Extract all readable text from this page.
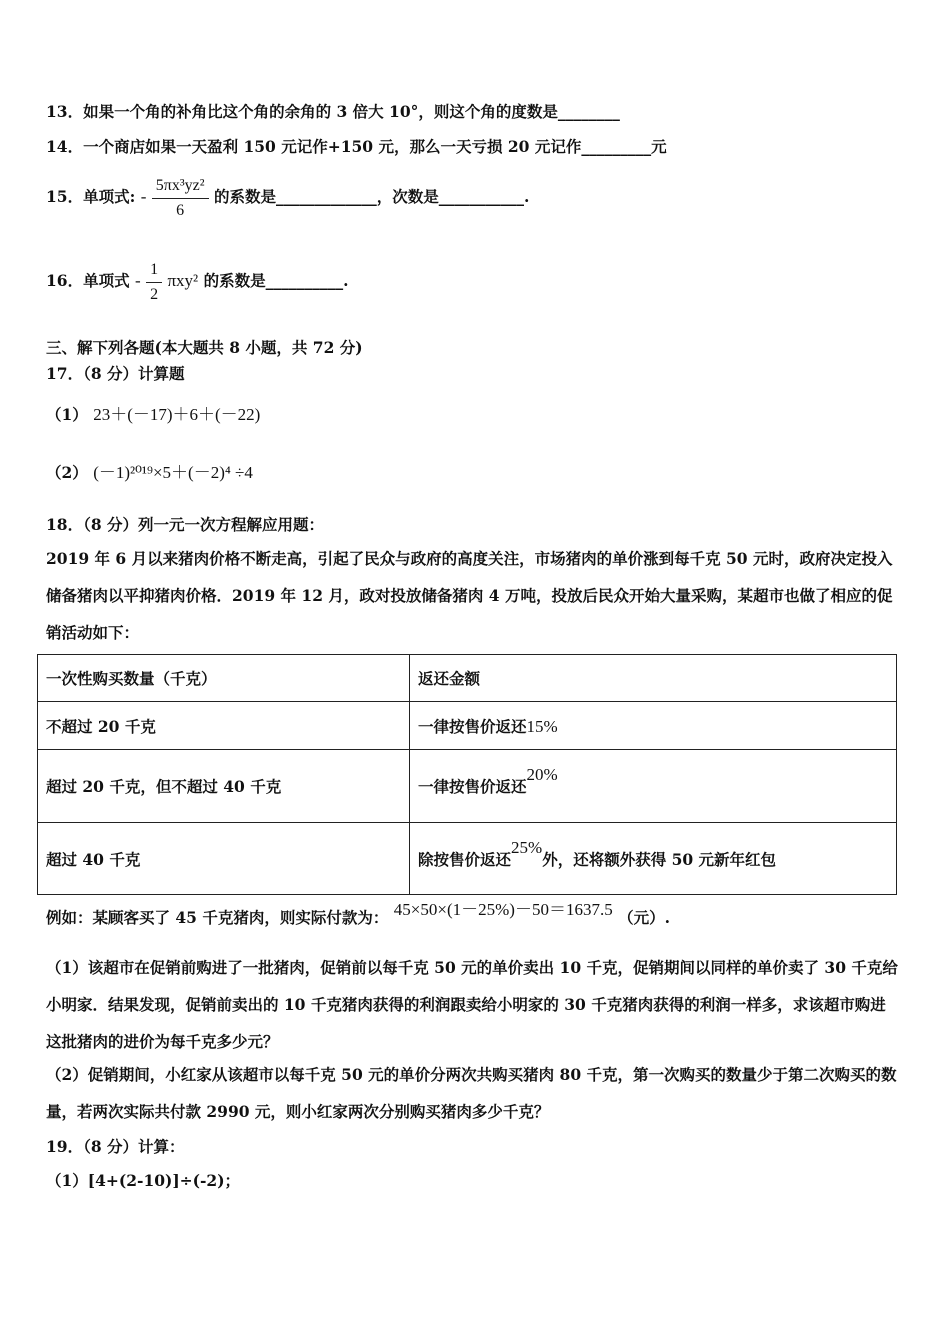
13．如果一个角的补角比这个角的余角的 3 倍大 10°，则这个角的度数是________
14．一个商店如果一天盈利 150 元记作+150 元，那么一天亏损 20 元记作_________元
15．单项式: - $\frac{\text{5πx³yz²}}{6}$ 的系数是_____________，次数是___________.
16．单项式 - $\frac{1}{2} \pi xy^2$ 的系数是__________.
三、解下列各题(本大题共 8 小题，共 72 分)
17．（8 分）计算题
（1） 23＋(－17)＋6＋(－22)
（2） (－1)²⁰¹⁹×5＋(－2)⁴ ÷4
18．（8 分）列一元一次方程解应用题：
2019 年 6 月以来猪肉价格不断走高，引起了民众与政府的高度关注，市场猪肉的单价涨到每千克 50 元时，政府决定投入储备猪肉以平抑猪肉价格．2019 年 12 月，政对投放储备猪肉 4 万吨，投放后民众开始大量采购，某超市也做了相应的促销活动如下：
一次性购买数量（千克）	返还金额
不超过 20 千克	一律按售价返还15%
超过 20 千克，但不超过 40 千克	一律按售价返还20%
超过 40 千克	除按售价返还25%外，还将额外获得 50 元新年红包
例如：某顾客买了 45 千克猪肉，则实际付款为： 45×50×(1－25%)－50＝1637.5 （元）.
（1）该超市在促销前购进了一批猪肉，促销前以每千克 50 元的单价卖出 10 千克，促销期间以同样的单价卖了 30 千克给小明家．结果发现，促销前卖出的 10 千克猪肉获得的利润跟卖给小明家的 30 千克猪肉获得的利润一样多，求该超市购进这批猪肉的进价为每千克多少元？
（2）促销期间，小红家从该超市以每千克 50 元的单价分两次共购买猪肉 80 千克，第一次购买的数量少于第二次购买的数量，若两次实际共付款 2990 元，则小红家两次分别购买猪肉多少千克？
19．（8 分）计算：
（1）[4+(2-10)]÷(-2)；
